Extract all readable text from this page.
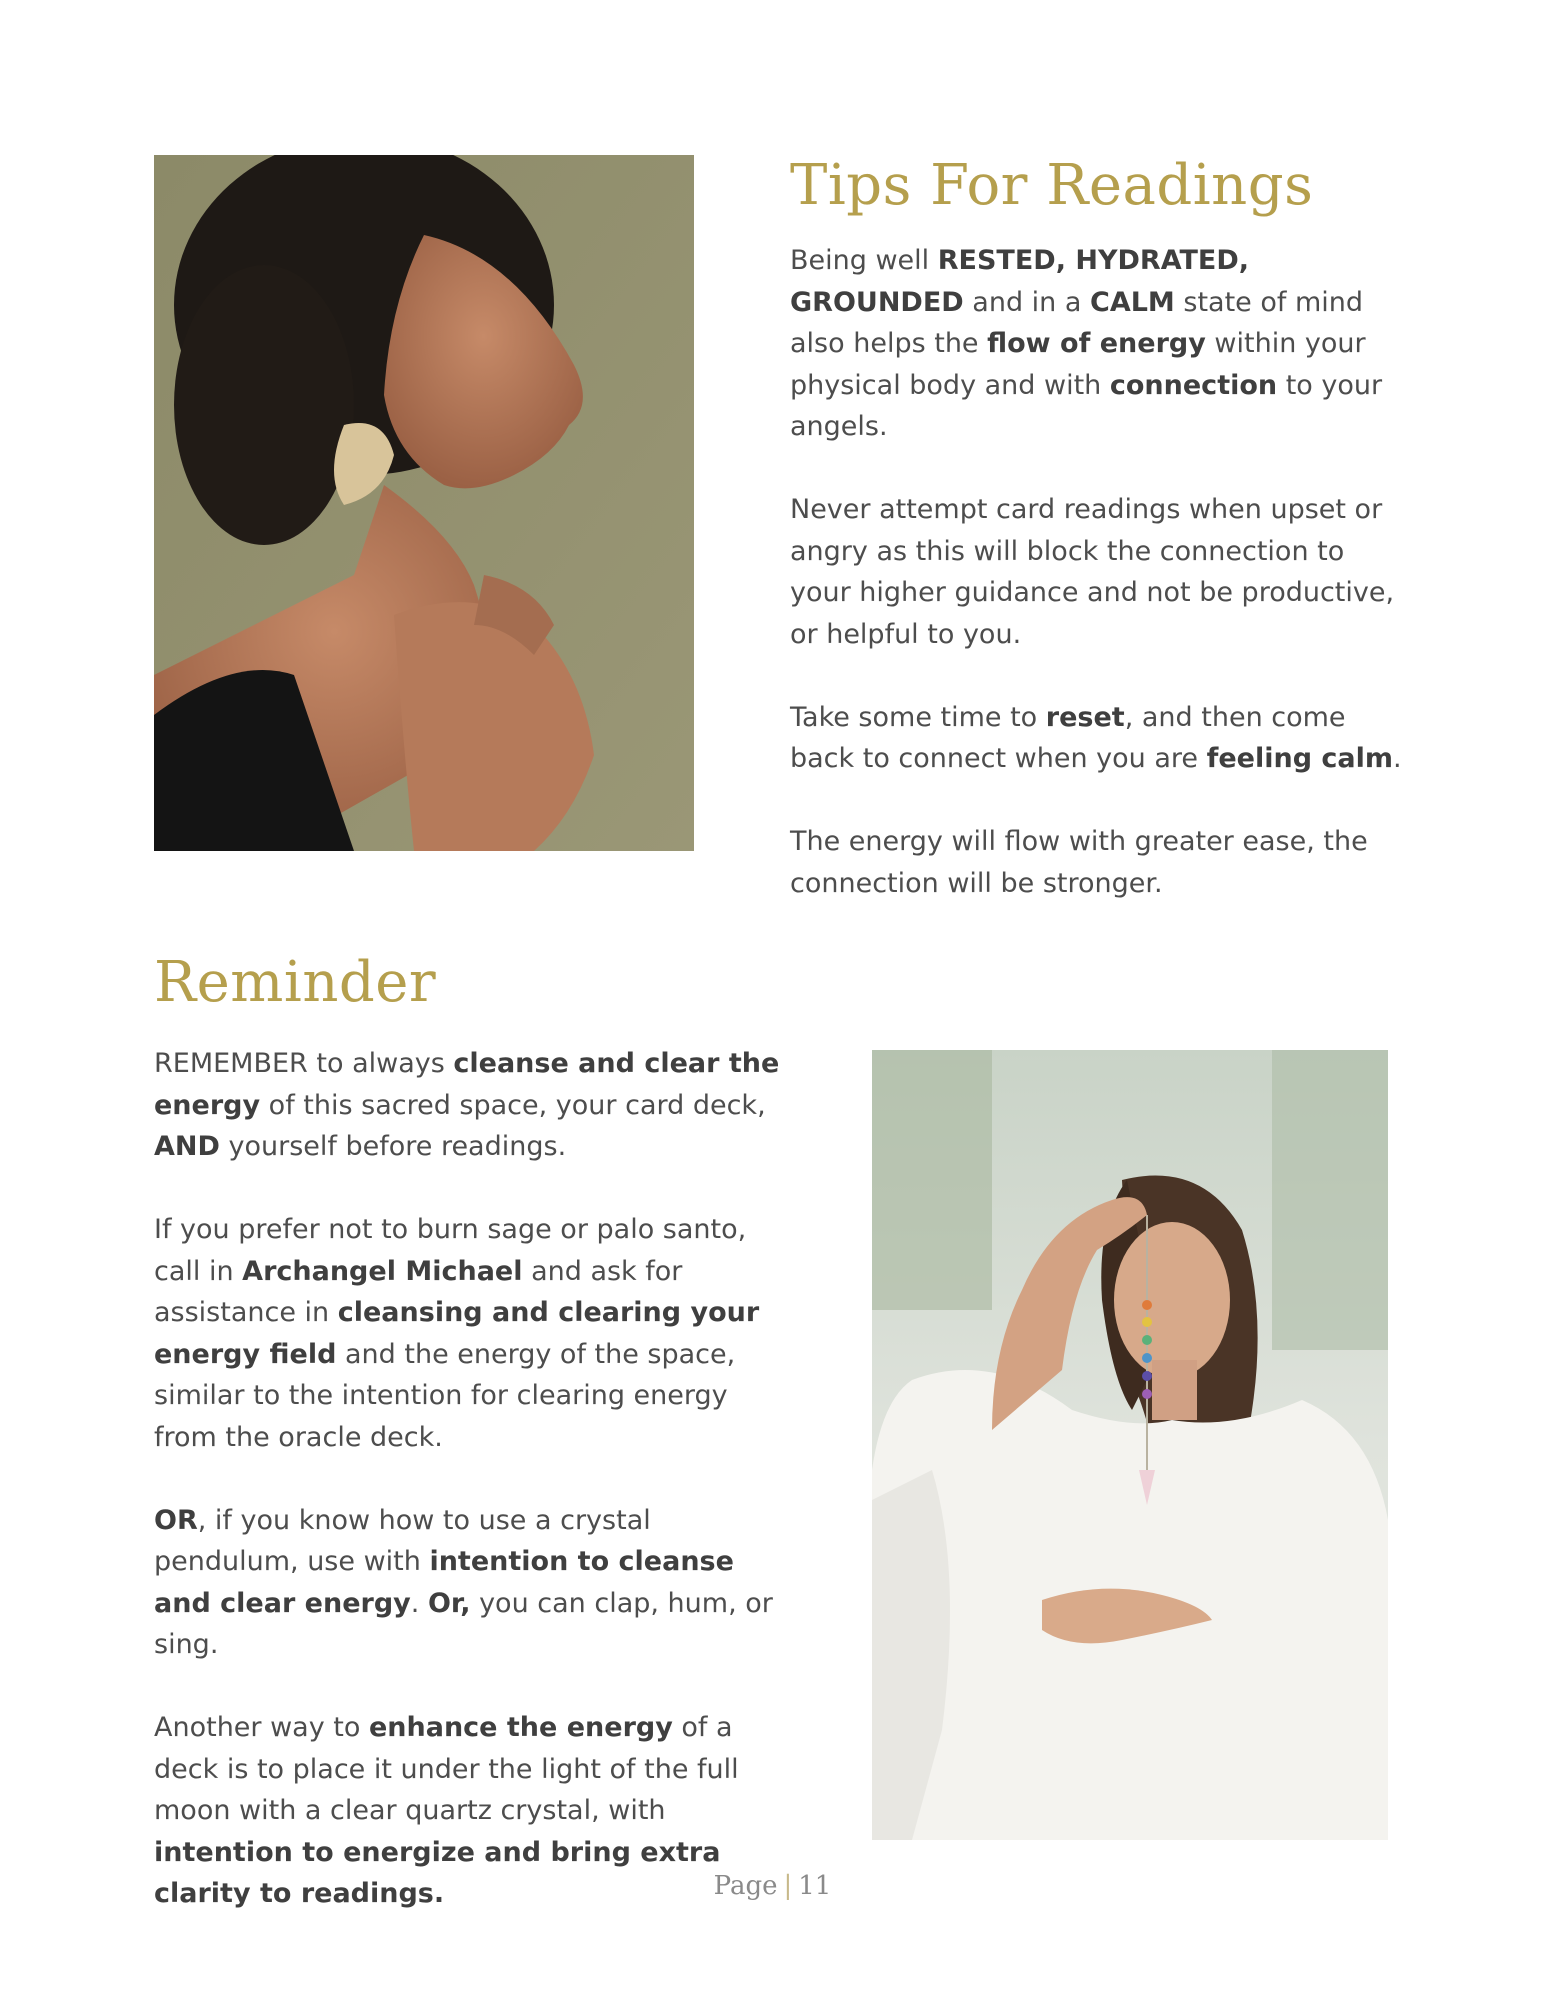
Tips For Readings

Being well RESTED, HYDRATED, GROUNDED and in a CALM state of mind also helps the flow of energy within your physical body and with connection to your angels.

Never attempt card readings when upset or angry as this will block the connection to your higher guidance and not be productive, or helpful to you.

Take some time to reset, and then come back to connect when you are feeling calm.

The energy will flow with greater ease, the connection will be stronger.

Reminder

REMEMBER to always cleanse and clear the energy of this sacred space, your card deck, AND yourself before readings.

If you prefer not to burn sage or palo santo, call in Archangel Michael and ask for assistance in cleansing and clearing your energy field and the energy of the space, similar to the intention for clearing energy from the oracle deck.

OR, if you know how to use a crystal pendulum, use with intention to cleanse and clear energy. Or, you can clap, hum, or sing.

Another way to enhance the energy of a deck is to place it under the light of the full moon with a clear quartz crystal, with intention to energize and bring extra clarity to readings.	Page | 11
